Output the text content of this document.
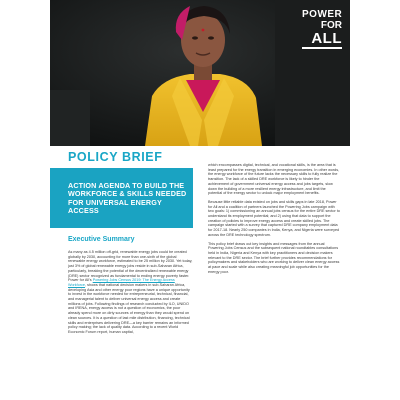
POWER
FOR
ALL
POLICY BRIEF
ACTION AGENDA TO BUILD THE WORKFORCE & SKILLS NEEDED FOR UNIVERSAL ENERGY ACCESS
Executive Summary

As many as 4.5 million off-grid, renewable energy jobs could be created globally by 2030, accounting for more than one-sixth of the global renewable energy workforce, estimated to be 25 million by 2030. Yet today, just 3% of global renewable energy jobs reside in sub-Saharan Africa, particularly, breaking the potential of the decentralized renewable energy (DRE) sector recognized as fundamental to ending energy poverty faster. Power for All's Powering Jobs Census 2019: The Energy Access Workforce, shows that national decision makers in sub-Saharan Africa, developing Asia and other energy poor regions have a unique opportunity to invest in the workforce needed for entrepreneurial, technical, financial, and managerial talent to deliver universal energy access and create millions of jobs. Following findings of research conducted by ILO, UNIDO and IRENA, energy access is not a question of economics, the poor already spend more on dirty sources of energy than they would spend on clean sources. It is a question of last mile distribution, financing, technical skills and enterprises delivering DRE—a key barrier remains an informed policy making; the lack of quality data. According to a recent World Economic Forum report, human capital,

which encompasses digital, technical, and vocational skills, is the area that is least prepared for the energy transition in emerging economies. In other words, the energy workforce of the future lacks the necessary skills to fully realize the transition. The lack of a skilled DRE workforce is likely to hinder the achievement of government universal energy access and jobs targets, slow down the building of a more resilient energy infrastructure, and limit the potential of the energy sector to unlock major employment benefits.

Because little reliable data existed on jobs and skills gaps in late 2018, Power for All and a coalition of partners launched the Powering Jobs campaign with two goals: 1) commissioning an annual jobs census for the entire DRE sector to understand its employment potential; and 2) using that data to support the creation of policies to improve energy access and create skilled jobs. The campaign started with a survey that captured DRE company employment data for 2017-18. Nearly 250 companies in India, Kenya, and Nigeria were surveyed across the DRE technology spectrum.

This policy brief draws out key insights and messages from the annual Powering Jobs Census and the subsequent national roundtables consultations held in India, Nigeria and Kenya with key practitioners and decision makers relevant to the DRE sector. The brief further provides recommendations for policymakers and stakeholders who are working to deliver clean energy access at pace and scale while also creating meaningful job opportunities for the energy poor.
